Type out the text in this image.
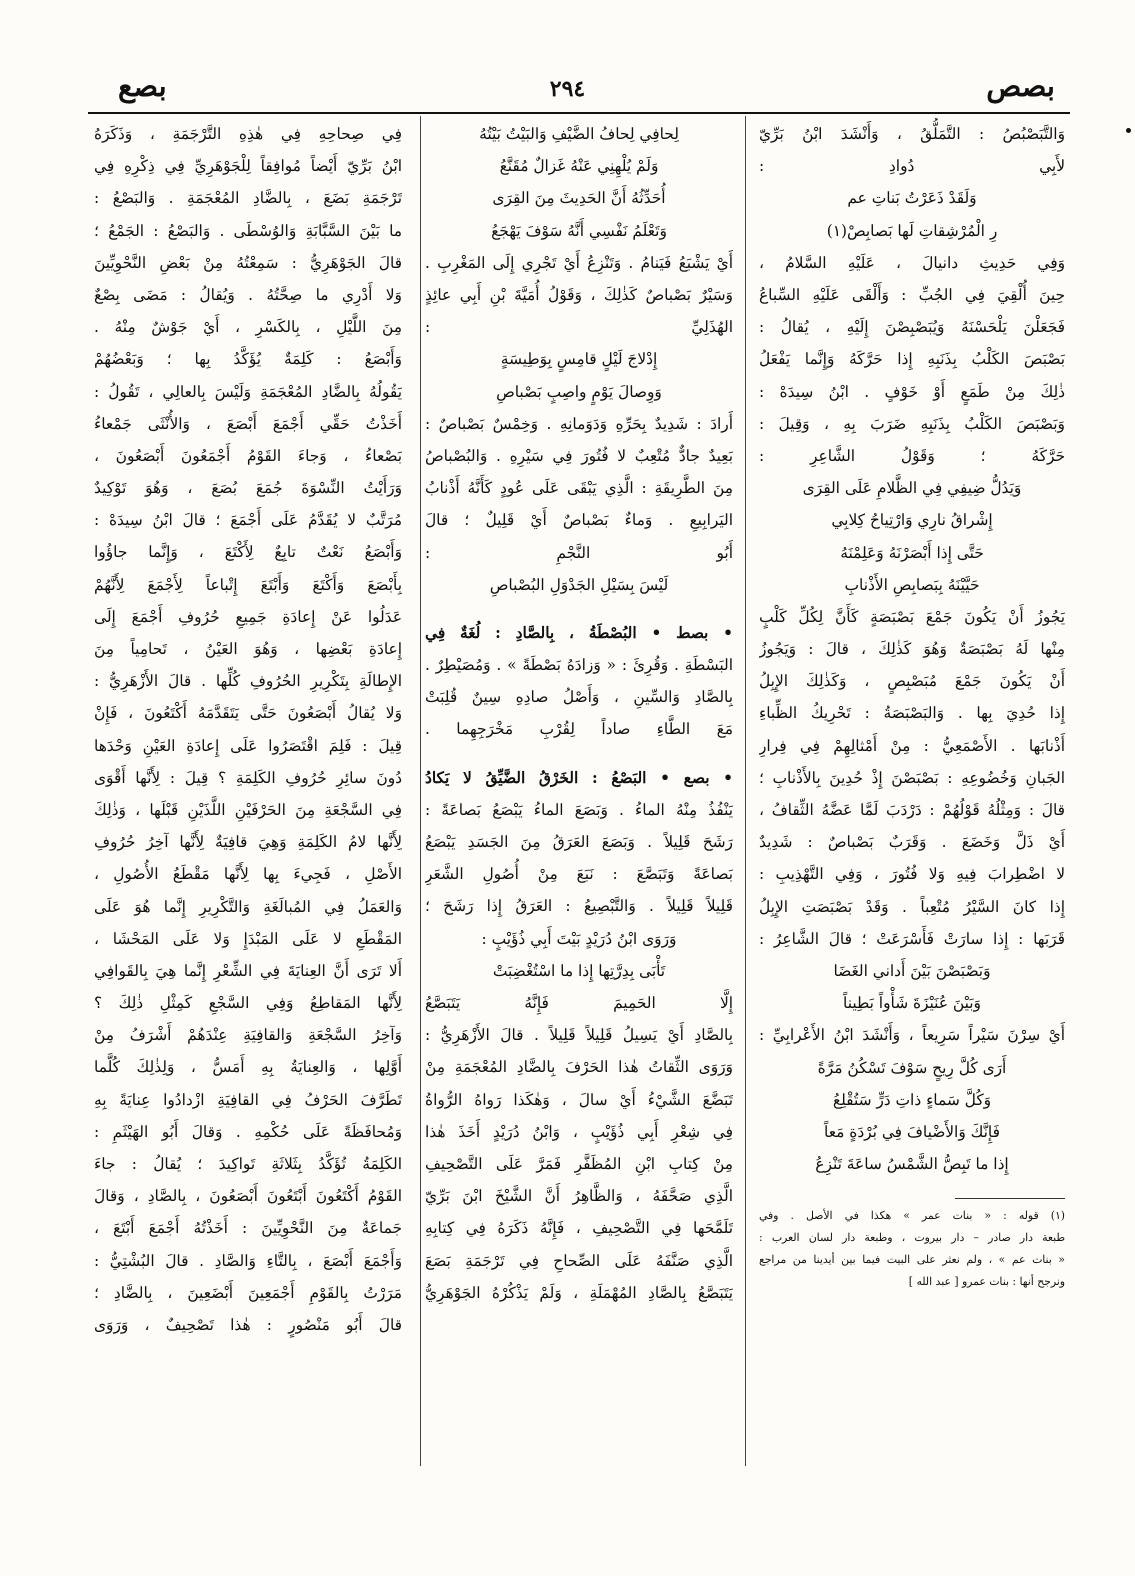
بصص
٢٩٤
بصع
وَالتَّبَصْبُصُ : التَّمَلُّقُ ، وَأَنْشَدَ ابْنُ بَرِّيّ
لأَبِي دُوادِ :
وَلَقَدْ ذَعَرْتُ بَناتِ عم
رِ الْمُرْشِقاتِ لَها بَصابِصْ(١)
وَفِي حَدِيثِ دانيالَ ، عَلَيْهِ السَّلامُ ،
حِينَ أُلْقِيَ فِي الجُبِّ : وَأَلْقَى عَلَيْهِ السِّباعُ
فَجَعَلْنَ يَلْحَسْنَهُ وَيُبَصْبِصْنَ إِلَيْهِ ، يُقالُ :
بَصْبَصَ الكَلْبُ بِذَنَبِهِ إِذا حَرَّكَهُ وَإِنَّما يَفْعَلُ
ذٰلِكَ مِنْ طَمَعٍ أَوْ خَوْفٍ . ابْنُ سِيدَهْ :
وَبَصْبَصَ الكَلْبُ بِذَنَبِهِ ضَرَبَ بِهِ ، وَقِيلَ :
حَرَّكَهُ ؛ وَقَوْلُ الشَّاعِرِ :
وَيَدُلُّ ضِيفِي فِي الظَّلامِ عَلَى القِرَى
إِشْراقُ نارِي وَارْتِياحُ كِلابِي
حَتَّى إِذا أَبْصَرْنَهُ وَعَلِمْنَهُ
حَيَّيْنَهُ بِبَصابِصِ الأَذْنابِ
يَجُوزُ أَنْ يَكُونَ جَمْعَ بَصْبَصَةٍ كَأَنَّ لِكُلِّ كَلْبٍ
مِنْها لَهُ بَصْبَصَةٌ وَهُوَ كَذٰلِكَ ، قالَ : وَيَجُوزُ
أَنْ يَكُونَ جَمْعَ مُبَصْبِصٍ ، وَكَذٰلِكَ الإِبِلُ
إِذا حُدِيَ بِها . وَالبَصْبَصَةُ : تَحْرِيكُ الظِّباءِ
أَذْنابَها . الأَصْمَعِيُّ : مِنْ أَمْثالِهِمْ فِي فِرارِ
الجَبانِ وَخُضُوعِهِ : بَصْبَصْنَ إِذْ حُدِينَ بِالأَذْنابِ ؛
قالَ : وَمِثْلُهُ قَوْلُهُمْ : دَرْدَبَ لَمَّا عَضَّهُ الثِّقافُ ،
أَيْ ذَلَّ وَخَضَعَ . وَقَرَبٌ بَصْباصٌ : شَدِيدٌ
لا اضْطِرابَ فِيهِ وَلا فُتُورَ ، وَفِي التَّهْذِيبِ :
إِذا كانَ السَّيْرُ مُتْعِباً . وَقَدْ بَصْبَصَتِ الإِبِلُ
قَرَبَها : إِذا سارَتْ فَأَسْرَعَتْ ؛ قالَ الشَّاعِرُ :
وَبَصْبَصْنَ بَيْنَ أَداني الغَضَا
وَبَيْنَ عُنَيْزَةَ شَأْواً بَطِيناً
أَيْ سِرْنَ سَيْراً سَرِيعاً ، وَأَنْشَدَ ابْنُ الأَعْرابِيِّ :
أَرَى كُلَّ رِيحٍ سَوْفَ تَسْكُنُ مَرَّةً
وَكُلَّ سَماءٍ ذاتِ دَرٍّ سَتُقْلِعُ
فَإِنَّكَ وَالأَضْيافَ فِي بُرْدَةٍ مَعاً
إِذا ما تَبِصُّ الشَّمْسُ ساعَةَ تَنْزِعُ
(١) قوله : « بنات عمر » هكذا في الأصل . وفي
طبعة دار صادر – دار بيروت ، وطبعة دار لسان العرب :
« بنات عم » ، ولم نعثر على البيت فيما بين أيدينا من مراجع
ونرجح أنها : بنات عمرو [ عبد الله ]
لِحافِي لِحافُ الضَّيْفِ وَالبَيْتُ بَيْتُهُ
وَلَمْ يُلْهِنِي عَنْهُ غَزالٌ مُقَنَّعُ
أُحَدِّثُهُ أَنَّ الحَدِيثَ مِنَ القِرَى
وَتَعْلَمُ نَفْسِي أَنَّهُ سَوْفَ يَهْجَعُ
أَيْ يَشْبَعُ فَيَنامُ . وَتَنْزِعُ أَيْ تَجْرِي إِلَى المَغْرِبِ .
وَسَيْرٌ بَصْباصٌ كَذٰلِكَ ، وَقَوْلُ أُمَيَّةَ بْنِ أَبِي عائِذٍ
الهُذَلِيِّ :
إِدْلاجَ لَيْلٍ قامِسٍ بِوَطِيسَةٍ
وَوِصالَ يَوْمٍ واصِبٍ بَصْباصِ
أَرادَ : شَدِيدٌ بِحَرِّهِ وَدَوَمانِهِ . وَخِمْسٌ بَصْباصٌ :
بَعِيدٌ جادٌّ مُتْعِبٌ لا فُتُورَ فِي سَيْرِهِ . وَالبُصْباصُ
مِنَ الطَّرِيقَةِ : الَّذِي يَبْقَى عَلَى عُودٍ كَأَنَّهُ أَذْنابُ
اليَرابِيعِ . وَماءٌ بَصْباصٌ أَيْ قَلِيلٌ ؛ قالَ
أَبُو النَّجْمِ :
لَيْسَ بِسَيْلِ الجَدْوَلِ البُصْباصِ
• بصط • البُصْطَةُ ، بِالصَّادِ : لُغَةٌ فِي
البَسْطَةِ . وَقُرِئَ : « وَزادَهُ بَصْطَةً » . وَمُصَيْطِرٌ .
بِالصَّادِ وَالسِّينِ ، وَأَصْلُ صادِهِ سِينٌ قُلِبَتْ
مَعَ الطَّاءِ صاداً لِقُرْبِ مَخْرَجِهِما .
• بصع • البَصْعُ : الخَرْقُ الضَّيِّقُ لا يَكادُ
يَنْفُذُ مِنْهُ الماءُ . وَبَصَعَ الماءُ يَبْصَعُ بَصاعَةً :
رَشَحَ قَلِيلاً . وَبَصَعَ العَرَقُ مِنَ الجَسَدِ يَبْصَعُ
بَصاعَةً وَتَبَصَّعَ : نَبَعَ مِنْ أُصُولِ الشَّعَرِ
قَلِيلاً قَلِيلاً . وَالتَّبْصِيعُ : العَرَقُ إِذا رَشَحَ ؛
وَرَوَى ابْنُ دُرَيْدٍ بَيْتَ أَبِي ذُؤَيْبٍ :
تَأْبَى بِدِرَّتِها إِذا ما اسْتُغْضِبَتْ
إِلَّا الحَمِيمَ فَإِنَّهُ يَتَبَصَّعُ
بِالصَّادِ أَيْ يَسِيلُ قَلِيلاً قَلِيلاً . قالَ الأَزْهَرِيُّ :
وَرَوَى الثِّقاتُ هٰذا الحَرْفَ بِالضَّادِ المُعْجَمَةِ مِنْ
تَبَضَّعَ الشَّيْءُ أَيْ سالَ ، وَهٰكَذا رَواهُ الرُّواةُ
فِي شِعْرِ أَبِي ذُؤَيْبٍ ، وَابْنُ دُرَيْدٍ أَخَذَ هٰذا
مِنْ كِتابِ ابْنِ المُظَفَّرِ فَمَرَّ عَلَى التَّصْحِيفِ
الَّذِي صَحَّفَهُ ، وَالظَّاهِرُ أَنَّ الشَّيْخَ ابْنَ بَرِّيّ
تَلَمَّحَها فِي التَّصْحِيفِ ، فَإِنَّهُ ذَكَرَهُ فِي كِتابِهِ
الَّذِي صَنَّفَهُ عَلَى الصِّحاحِ فِي تَرْجَمَةِ بَصَعَ
يَتَبَصَّعُ بِالصَّادِ المُهْمَلَةِ ، وَلَمْ يَذْكُرْهُ الجَوْهَرِيُّ
فِي صِحاحِهِ فِي هٰذِهِ التَّرْجَمَةِ ، وَذَكَرَهُ
ابْنُ بَرِّيّ أَيْضاً مُوافِقاً لِلْجَوْهَرِيِّ فِي ذِكْرِهِ فِي
تَرْجَمَةِ بَضَعَ ، بِالضَّادِ المُعْجَمَةِ . وَالبَصْعُ :
ما بَيْنَ السَّبَّابَةِ وَالوُسْطَى . وَالبَصْعُ : الجَمْعُ ؛
قالَ الجَوْهَرِيُّ : سَمِعْتُهُ مِنْ بَعْضِ النَّحْوِيِّينَ
وَلا أَدْرِي ما صِحَّتُهُ . وَيُقالُ : مَضَى بِصْعٌ
مِنَ اللَّيْلِ ، بِالكَسْرِ ، أَيْ جَوْشٌ مِنْهُ .
وَأَبْصَعُ : كَلِمَةٌ يُؤَكَّدُ بِها ؛ وَبَعْضُهُمْ
يَقُولُهُ بِالضَّادِ المُعْجَمَةِ وَلَيْسَ بِالعالِي ، تَقُولُ :
أَخَذْتُ حَقِّي أَجْمَعَ أَبْصَعَ ، وَالأُنْثَى جَمْعاءُ
بَصْعاءُ ، وَجاءَ القَوْمُ أَجْمَعُونَ أَبْصَعُونَ ،
وَرَأَيْتُ النِّسْوَةَ جُمَعَ بُصَعَ ، وَهُوَ تَوْكِيدٌ
مُرَتَّبٌ لا يُقَدَّمُ عَلَى أَجْمَعَ ؛ قالَ ابْنُ سِيدَهْ :
وَأَبْصَعُ نَعْتٌ تابِعٌ لِأَكْتَعَ ، وَإِنَّما جاؤُوا
بِأَبْصَعَ وَأَكْتَعَ وَأَبْتَعَ إِتْباعاً لِأَجْمَعَ لِأَنَّهُمْ
عَدَلُوا عَنْ إِعادَةِ جَمِيعِ حُرُوفِ أَجْمَعَ إِلَى
إِعادَةِ بَعْضِها ، وَهُوَ العَيْنُ ، تَحامِياً مِنَ
الإِطالَةِ بِتَكْرِيرِ الحُرُوفِ كُلِّها . قالَ الأَزْهَرِيُّ :
وَلا يُقالُ أَبْصَعُونَ حَتَّى يَتَقَدَّمَهُ أَكْتَعُونَ ، فَإِنْ
قِيلَ : فَلِمَ اقْتَصَرُوا عَلَى إِعادَةِ العَيْنِ وَحْدَها
دُونَ سائِرِ حُرُوفِ الكَلِمَةِ ؟ قِيلَ : لِأَنَّها أَقْوَى
فِي السَّجْعَةِ مِنَ الحَرْفَيْنِ اللَّذَيْنِ قَبْلَها ، وَذٰلِكَ
لِأَنَّها لامُ الكَلِمَةِ وَهِيَ قافِيَةٌ لِأَنَّها آخِرُ حُرُوفِ
الأَصْلِ ، فَجِيءَ بِها لِأَنَّها مَقْطَعُ الأُصُولِ ،
وَالعَمَلُ فِي المُبالَغَةِ وَالتَّكْرِيرِ إِنَّما هُوَ عَلَى
المَقْطَعِ لا عَلَى المَبْدَإِ وَلا عَلَى المَحْشَا ،
أَلا تَرَى أَنَّ العِنايَةَ فِي الشِّعْرِ إِنَّما هِيَ بِالقَوافِي
لِأَنَّها المَقاطِعُ وَفِي السَّجْعِ كَمِثْلِ ذٰلِكَ ؟
وَآخِرُ السَّجْعَةِ وَالقافِيَةِ عِنْدَهُمْ أَشْرَفُ مِنْ
أَوَّلِها ، وَالعِنايَةُ بِهِ أَمَسُّ ، وَلِذٰلِكَ كُلَّما
تَطَرَّفَ الحَرْفُ فِي القافِيَةِ ازْدادُوا عِنايَةً بِهِ
وَمُحافَظَةً عَلَى حُكْمِهِ . وَقالَ أَبُو الهَيْثَمِ :
الكَلِمَةُ تُؤَكَّدُ بِثَلاثَةِ تَواكِيدَ ؛ يُقالُ : جاءَ
القَوْمُ أَكْتَعُونَ أَبْتَعُونَ أَبْصَعُونَ ، بِالصَّادِ ، وَقالَ
جَماعَةٌ مِنَ النَّحْوِيِّينَ : أَخَذْتُهُ أَجْمَعَ أَبْتَعَ ،
وَأَجْمَعَ أَبْصَعَ ، بِالتَّاءِ وَالصَّادِ . قالَ البُشْتِيُّ :
مَرَرْتُ بِالقَوْمِ أَجْمَعِينَ أَبْضَعِينَ ، بِالضَّادِ ؛
قالَ أَبُو مَنْصُورٍ : هٰذا تَصْحِيفٌ ، وَرَوَى
